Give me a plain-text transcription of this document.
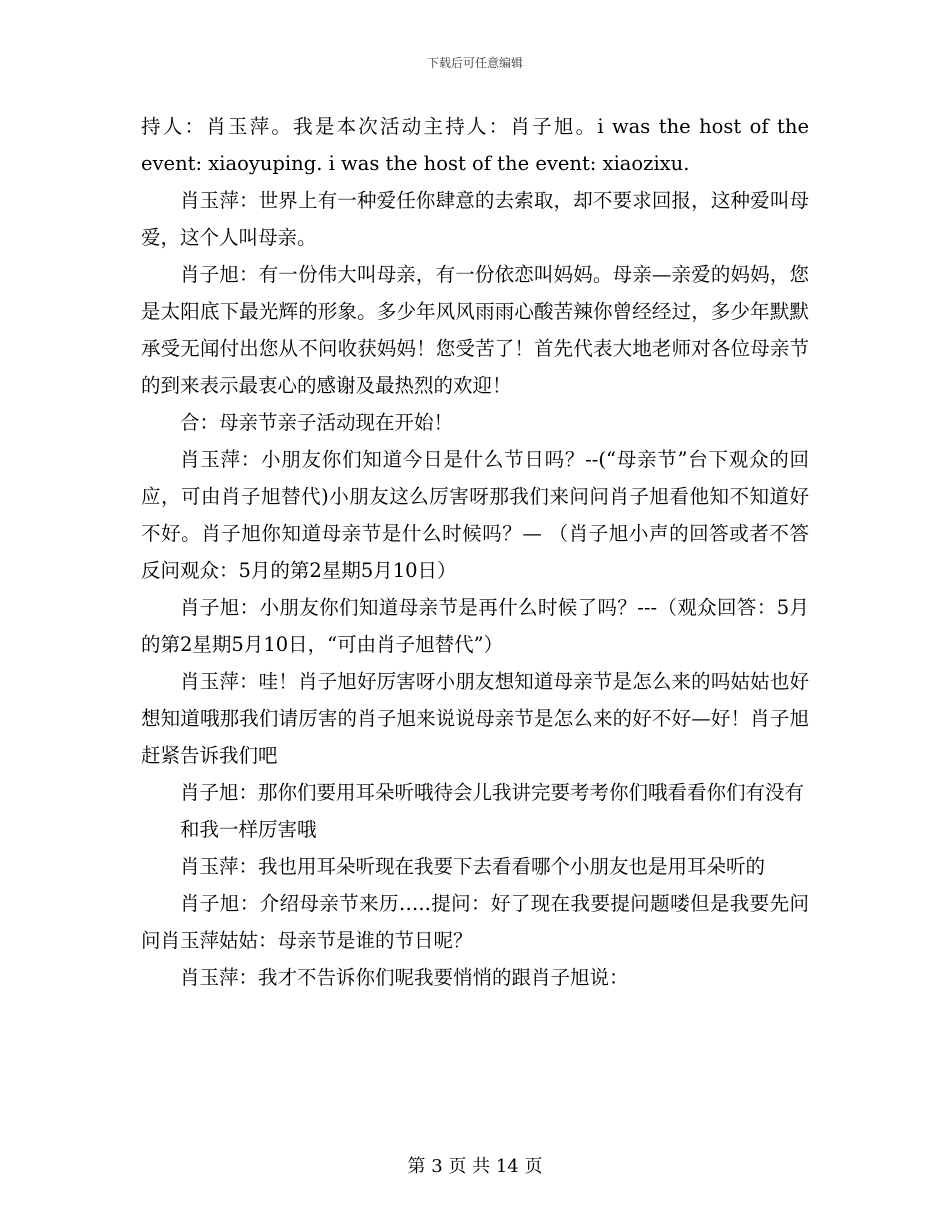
下载后可任意编辑

持人：肖玉萍。我是本次活动主持人：肖子旭。i was the host of the event: xiaoyuping. i was the host of the event: xiaozixu.

肖玉萍：世界上有一种爱任你肆意的去索取，却不要求回报，这种爱叫母爱，这个人叫母亲。

肖子旭：有一份伟大叫母亲，有一份依恋叫妈妈。母亲—亲爱的妈妈，您是太阳底下最光辉的形象。多少年风风雨雨心酸苦辣你曾经经过，多少年默默承受无闻付出您从不问收获妈妈！您受苦了！首先代表大地老师对各位母亲节的到来表示最衷心的感谢及最热烈的欢迎！

合：母亲节亲子活动现在开始！

肖玉萍：小朋友你们知道今日是什么节日吗？--(“母亲节”台下观众的回应，可由肖子旭替代)小朋友这么厉害呀那我们来问问肖子旭看他知不知道好不好。肖子旭你知道母亲节是什么时候吗？— （肖子旭小声的回答或者不答反问观众：5月的第2星期5月10日）

肖子旭：小朋友你们知道母亲节是再什么时候了吗？---（观众回答：5月的第2星期5月10日，“可由肖子旭替代”）

肖玉萍：哇！肖子旭好厉害呀小朋友想知道母亲节是怎么来的吗姑姑也好想知道哦那我们请厉害的肖子旭来说说母亲节是怎么来的好不好—好！肖子旭赶紧告诉我们吧

肖子旭：那你们要用耳朵听哦待会儿我讲完要考考你们哦看看你们有没有

和我一样厉害哦

肖玉萍：我也用耳朵听现在我要下去看看哪个小朋友也是用耳朵听的

肖子旭：介绍母亲节来历…..提问：好了现在我要提问题喽但是我要先问问肖玉萍姑姑：母亲节是谁的节日呢？

肖玉萍：我才不告诉你们呢我要悄悄的跟肖子旭说：

第 3 页 共 14 页
